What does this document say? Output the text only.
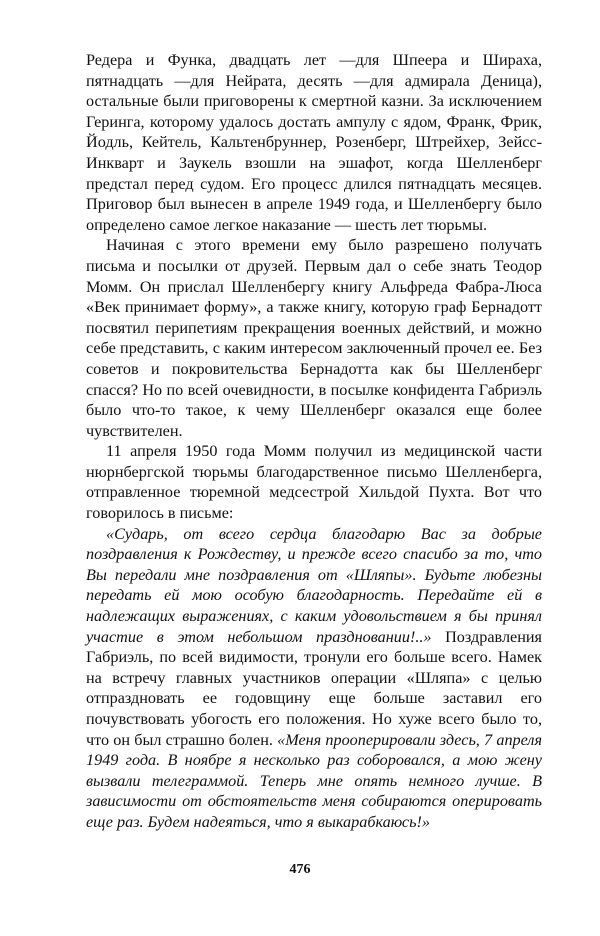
Редера и Функа, двадцать лет —для Шпеера и Шираха, пятнадцать —для Нейрата, десять —для адмирала Деница), остальные были приговорены к смертной казни. За исключением Геринга, которому удалось достать ампулу с ядом, Франк, Фрик, Йодль, Кейтель, Кальтенбруннер, Розенберг, Штрейхер, Зейсс-Инкварт и Заукель взошли на эшафот, когда Шелленберг предстал перед судом. Его процесс длился пятнадцать месяцев. Приговор был вынесен в апреле 1949 года, и Шелленбергу было определено самое легкое наказание — шесть лет тюрьмы.

Начиная с этого времени ему было разрешено получать письма и посылки от друзей. Первым дал о себе знать Теодор Момм. Он прислал Шелленбергу книгу Альфреда Фабра-Люса «Век принимает форму», а также книгу, которую граф Бернадотт посвятил перипетиям прекращения военных действий, и можно себе представить, с каким интересом заключенный прочел ее. Без советов и покровительства Бернадотта как бы Шелленберг спасся? Но по всей очевидности, в посылке конфидента Габриэль было что-то такое, к чему Шелленберг оказался еще более чувствителен.

11 апреля 1950 года Момм получил из медицинской части нюрнбергской тюрьмы благодарственное письмо Шелленберга, отправленное тюремной медсестрой Хильдой Пухта. Вот что говорилось в письме:

«Сударь, от всего сердца благодарю Вас за добрые поздравления к Рождеству, и прежде всего спасибо за то, что Вы передали мне поздравления от «Шляпы». Будьте любезны передать ей мою особую благодарность. Передайте ей в надлежащих выражениях, с каким удовольствием я бы принял участие в этом небольшом праздновании!..» Поздравления Габриэль, по всей видимости, тронули его больше всего. Намек на встречу главных участников операции «Шляпа» с целью отпраздновать ее годовщину еще больше заставил его почувствовать убогость его положения. Но хуже всего было то, что он был страшно болен. «Меня прооперировали здесь, 7 апреля 1949 года. В ноябре я несколько раз соборовался, а мою жену вызвали телеграммой. Теперь мне опять немного лучше. В зависимости от обстоятельств меня собираются оперировать еще раз. Будем надеяться, что я выкарабкаюсь!»

476
